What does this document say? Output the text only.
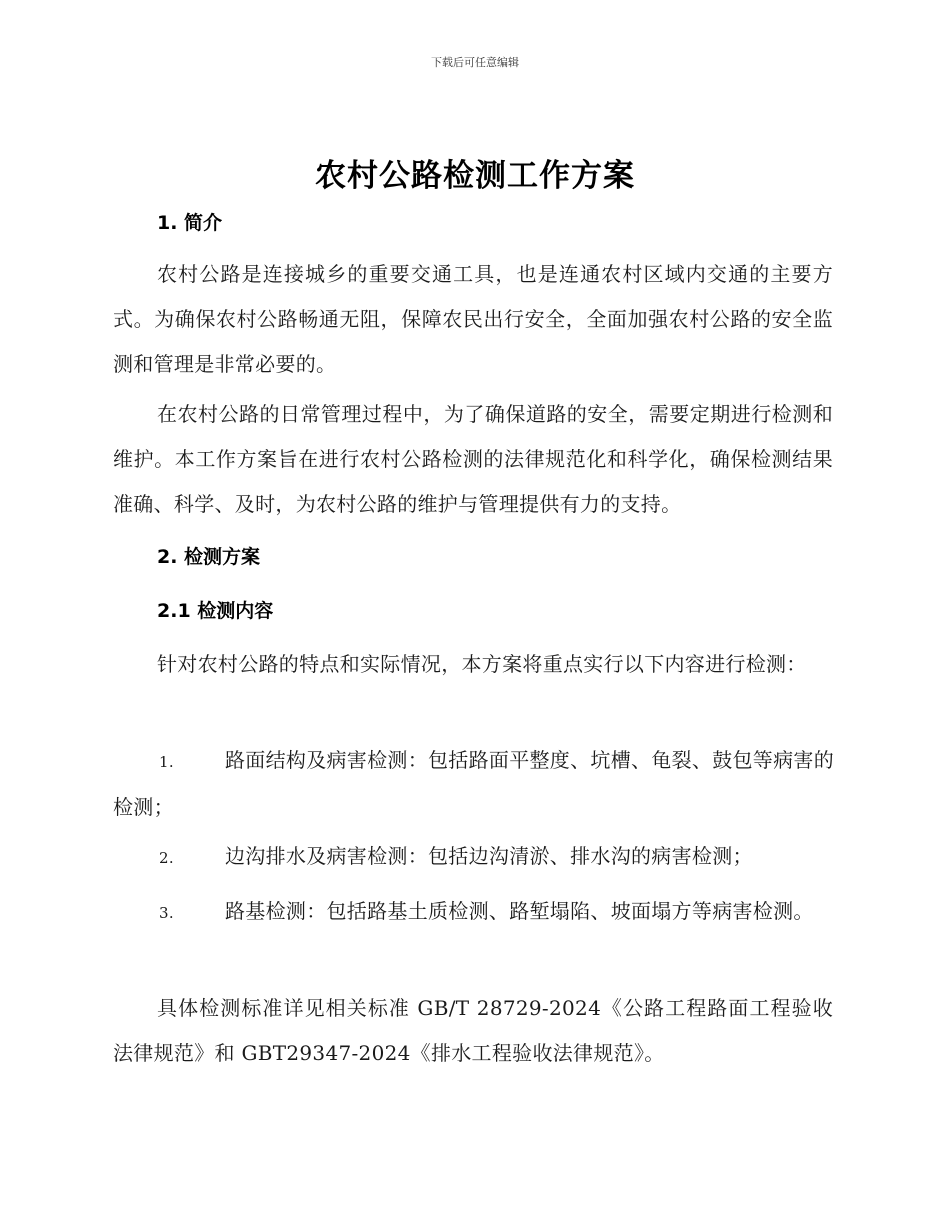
下载后可任意编辑
农村公路检测工作方案
1. 简介
农村公路是连接城乡的重要交通工具，也是连通农村区域内交通的主要方式。为确保农村公路畅通无阻，保障农民出行安全，全面加强农村公路的安全监测和管理是非常必要的。
在农村公路的日常管理过程中，为了确保道路的安全，需要定期进行检测和维护。本工作方案旨在进行农村公路检测的法律规范化和科学化，确保检测结果准确、科学、及时，为农村公路的维护与管理提供有力的支持。
2. 检测方案
2.1 检测内容
针对农村公路的特点和实际情况，本方案将重点实行以下内容进行检测：
1.	路面结构及病害检测：包括路面平整度、坑槽、龟裂、鼓包等病害的检测；
2.	边沟排水及病害检测：包括边沟清淤、排水沟的病害检测；
3.	路基检测：包括路基土质检测、路堑塌陷、坡面塌方等病害检测。
具体检测标准详见相关标准 GB/T 28729-2024《公路工程路面工程验收法律规范》和 GBT29347-2024《排水工程验收法律规范》。
